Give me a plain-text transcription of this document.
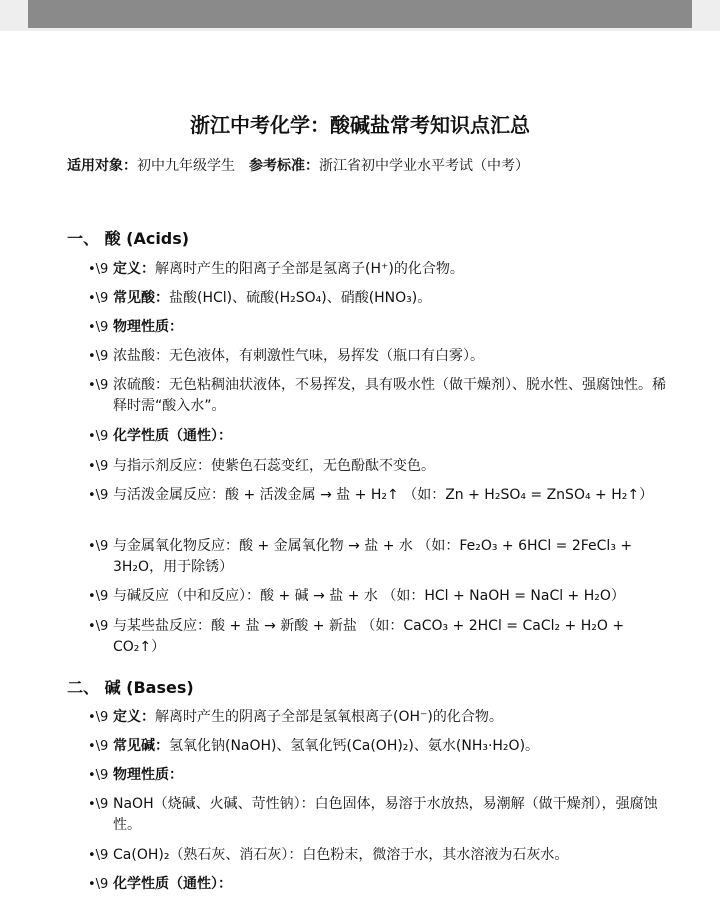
浙江中考化学：酸碱盐常考知识点汇总
适用对象：初中九年级学生 参考标准：浙江省初中学业水平考试（中考）
一、 酸 (Acids)
•\9 定义：解离时产生的阳离子全部是氢离子(H⁺)的化合物。
•\9 常见酸：盐酸(HCl)、硫酸(H₂SO₄)、硝酸(HNO₃)。
•\9 物理性质：
•\9 浓盐酸：无色液体，有刺激性气味，易挥发（瓶口有白雾）。
•\9 浓硫酸：无色粘稠油状液体，不易挥发，具有吸水性（做干燥剂）、脱水性、强腐蚀性。稀释时需“酸入水”。
•\9 化学性质（通性）：
•\9 与指示剂反应：使紫色石蕊变红，无色酚酞不变色。
•\9 与活泼金属反应：酸 + 活泼金属 → 盐 + H₂↑ （如：Zn + H₂SO₄ = ZnSO₄ + H₂↑）
•\9 与金属氧化物反应：酸 + 金属氧化物 → 盐 + 水 （如：Fe₂O₃ + 6HCl = 2FeCl₃ + 3H₂O，用于除锈）
•\9 与碱反应（中和反应）：酸 + 碱 → 盐 + 水 （如：HCl + NaOH = NaCl + H₂O）
•\9 与某些盐反应：酸 + 盐 → 新酸 + 新盐 （如：CaCO₃ + 2HCl = CaCl₂ + H₂O + CO₂↑）
二、 碱 (Bases)
•\9 定义：解离时产生的阴离子全部是氢氧根离子(OH⁻)的化合物。
•\9 常见碱：氢氧化钠(NaOH)、氢氧化钙(Ca(OH)₂)、氨水(NH₃·H₂O)。
•\9 物理性质：
•\9 NaOH（烧碱、火碱、苛性钠）：白色固体，易溶于水放热，易潮解（做干燥剂），强腐蚀性。
•\9 Ca(OH)₂（熟石灰、消石灰）：白色粉末，微溶于水，其水溶液为石灰水。
•\9 化学性质（通性）：
